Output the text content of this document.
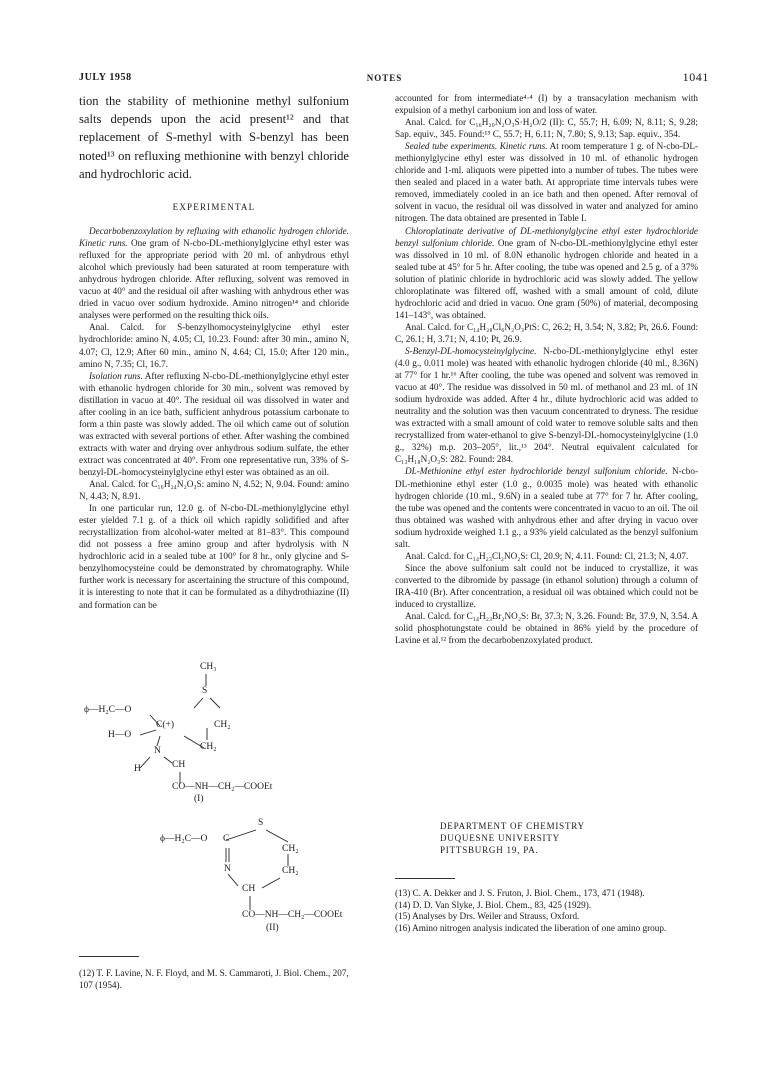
JULY 1958	NOTES	1041

tion the stability of methionine methyl sulfonium salts depends upon the acid present¹² and that replacement of S-methyl with S-benzyl has been noted¹³ on refluxing methionine with benzyl chloride and hydrochloric acid.

EXPERIMENTAL

Decarbobenzoxylation by refluxing with ethanolic hydrogen chloride. Kinetic runs. One gram of N-cbo-DL-methionylglycine ethyl ester was refluxed for the appropriate period with 20 ml. of anhydrous ethyl alcohol which previously had been saturated at room temperature with anhydrous hydrogen chloride. After refluxing, solvent was removed in vacuo at 40° and the residual oil after washing with anhydrous ether was dried in vacuo over sodium hydroxide. Amino nitrogen¹⁴ and chloride analyses were performed on the resulting thick oils.

Anal. Calcd. for S-benzylhomocysteinylglycine ethyl ester hydrochloride: amino N, 4.05; Cl, 10.23. Found: after 30 min., amino N, 4.07; Cl, 12.9; After 60 min., amino N, 4.64; Cl, 15.0; After 120 min., amino N, 7.35; Cl, 16.7.

Isolation runs. After refluxing N-cbo-DL-methionylglycine ethyl ester with ethanolic hydrogen chloride for 30 min., solvent was removed by distillation in vacuo at 40°. The residual oil was dissolved in water and after cooling in an ice bath, sufficient anhydrous potassium carbonate to form a thin paste was slowly added. The oil which came out of solution was extracted with several portions of ether. After washing the combined extracts with water and drying over anhydrous sodium sulfate, the ether extract was concentrated at 40°. From one representative run, 33% of S-benzyl-DL-homocysteinylglycine ethyl ester was obtained as an oil.

Anal. Calcd. for C₁₆H₂₄N₂O₃S: amino N, 4.52; N, 9.04. Found: amino N, 4.43; N, 8.91.

In one particular run, 12.0 g. of N-cbo-DL-methionylglycine ethyl ester yielded 7.1 g. of a thick oil which rapidly solidified and after recrystallization from alcohol-water melted at 81–83°. This compound did not possess a free amino group and after hydrolysis with N hydrochloric acid in a sealed tube at 100° for 8 hr., only glycine and S-benzylhomocysteine could be demonstrated by chromatography. While further work is necessary for ascertaining the structure of this compound, it is interesting to note that it can be formulated as a dihydrothiazine (II) and formation can be

CH₃
S
ϕ—H₂C—O
C(+)	CH₂
H—O
N	CH₂
H	CH
CO—NH—CH₂—COOEt
(I)
S
ϕ—H₂C—O C
CH₂
N	CH₂
CH
CO—NH—CH₂—COOEt
(II)

accounted for from intermediate⁴·⁴ (I) by a transacylation mechanism with expulsion of a methyl carbonium ion and loss of water.

Anal. Calcd. for C₁₆H₂₀N₂O₃S·H₂O/2 (II): C, 55.7; H, 6.09; N, 8.11; S, 9.28; Sap. equiv., 345. Found:¹⁵ C, 55.7; H, 6.11; N, 7.80; S, 9.13; Sap. equiv., 354.

Sealed tube experiments. Kinetic runs. At room temperature 1 g. of N-cbo-DL-methionylglycine ethyl ester was dissolved in 10 ml. of ethanolic hydrogen chloride and 1-ml. aliquots were pipetted into a number of tubes. The tubes were then sealed and placed in a water bath. At appropriate time intervals tubes were removed, immediately cooled in an ice bath and then opened. After removal of solvent in vacuo, the residual oil was dissolved in water and analyzed for amino nitrogen. The data obtained are presented in Table I.

Chloroplatinate derivative of DL-methionylglycine ethyl ester hydrochloride benzyl sulfonium chloride. One gram of N-cbo-DL-methionylglycine ethyl ester was dissolved in 10 ml. of 8.0N ethanolic hydrogen chloride and heated in a sealed tube at 45° for 5 hr. After cooling, the tube was opened and 2.5 g. of a 37% solution of platinic chloride in hydrochloric acid was slowly added. The yellow chloroplatinate was filtered off, washed with a small amount of cold, dilute hydrochloric acid and dried in vacuo. One gram (50%) of material, decomposing 141–143°, was obtained.

Anal. Calcd. for C₁₄H₂₈Cl₆N₂O₃PtS: C, 26.2; H, 3.54; N, 3.82; Pt, 26.6. Found: C, 26.1; H, 3.71; N, 4.10; Pt, 26.9.

S-Benzyl-DL-homocysteinylglycine. N-cbo-DL-methionylglycine ethyl ester (4.0 g., 0.011 mole) was heated with ethanolic hydrogen chloride (40 ml., 8.36N) at 77° for 1 hr.¹⁶ After cooling, the tube was opened and solvent was removed in vacuo at 40°. The residue was dissolved in 50 ml. of methanol and 23 ml. of 1N sodium hydroxide was added. After 4 hr., dilute hydrochloric acid was added to neutrality and the solution was then vacuum concentrated to dryness. The residue was extracted with a small amount of cold water to remove soluble salts and then recrystallized from water-ethanol to give S-benzyl-DL-homocysteinylglycine (1.0 g., 32%) m.p. 203–205°, lit.,¹³ 204°. Neutral equivalent calculated for C₁₃H₁₈N₂O₃S: 282. Found: 284.

DL-Methionine ethyl ester hydrochloride benzyl sulfonium chloride. N-cbo-DL-methionine ethyl ester (1.0 g., 0.0035 mole) was heated with ethanolic hydrogen chloride (10 ml., 9.6N) in a sealed tube at 77° for 7 hr. After cooling, the tube was opened and the contents were concentrated in vacuo to an oil. The oil thus obtained was washed with anhydrous ether and after drying in vacuo over sodium hydroxide weighed 1.1 g., a 93% yield calculated as the benzyl sulfonium salt.

Anal. Calcd. for C₁₄H₂₃Cl₂NO₂S: Cl, 20.9; N, 4.11. Found: Cl, 21.3; N, 4.07.

Since the above sulfonium salt could not be induced to crystallize, it was converted to the dibromide by passage (in ethanol solution) through a column of IRA-410 (Br). After concentration, a residual oil was obtained which could not be induced to crystallize.

Anal. Calcd. for C₁₄H₂₃Br₂NO₂S: Br, 37.3; N, 3.26. Found: Br, 37.9, N, 3.54. A solid phosphotungstate could be obtained in 86% yield by the procedure of Lavine et al.¹² from the decarbobenzoxylated product.

DEPARTMENT OF CHEMISTRY
DUQUESNE UNIVERSITY
PITTSBURGH 19, PA.
(12) T. F. Lavine, N. F. Floyd, and M. S. Cammaroti, J. Biol. Chem., 207, 107 (1954).
(13) C. A. Dekker and J. S. Fruton, J. Biol. Chem., 173, 471 (1948).
(14) D. D. Van Slyke, J. Biol. Chem., 83, 425 (1929).
(15) Analyses by Drs. Weiler and Strauss, Oxford.
(16) Amino nitrogen analysis indicated the liberation of one amino group.
